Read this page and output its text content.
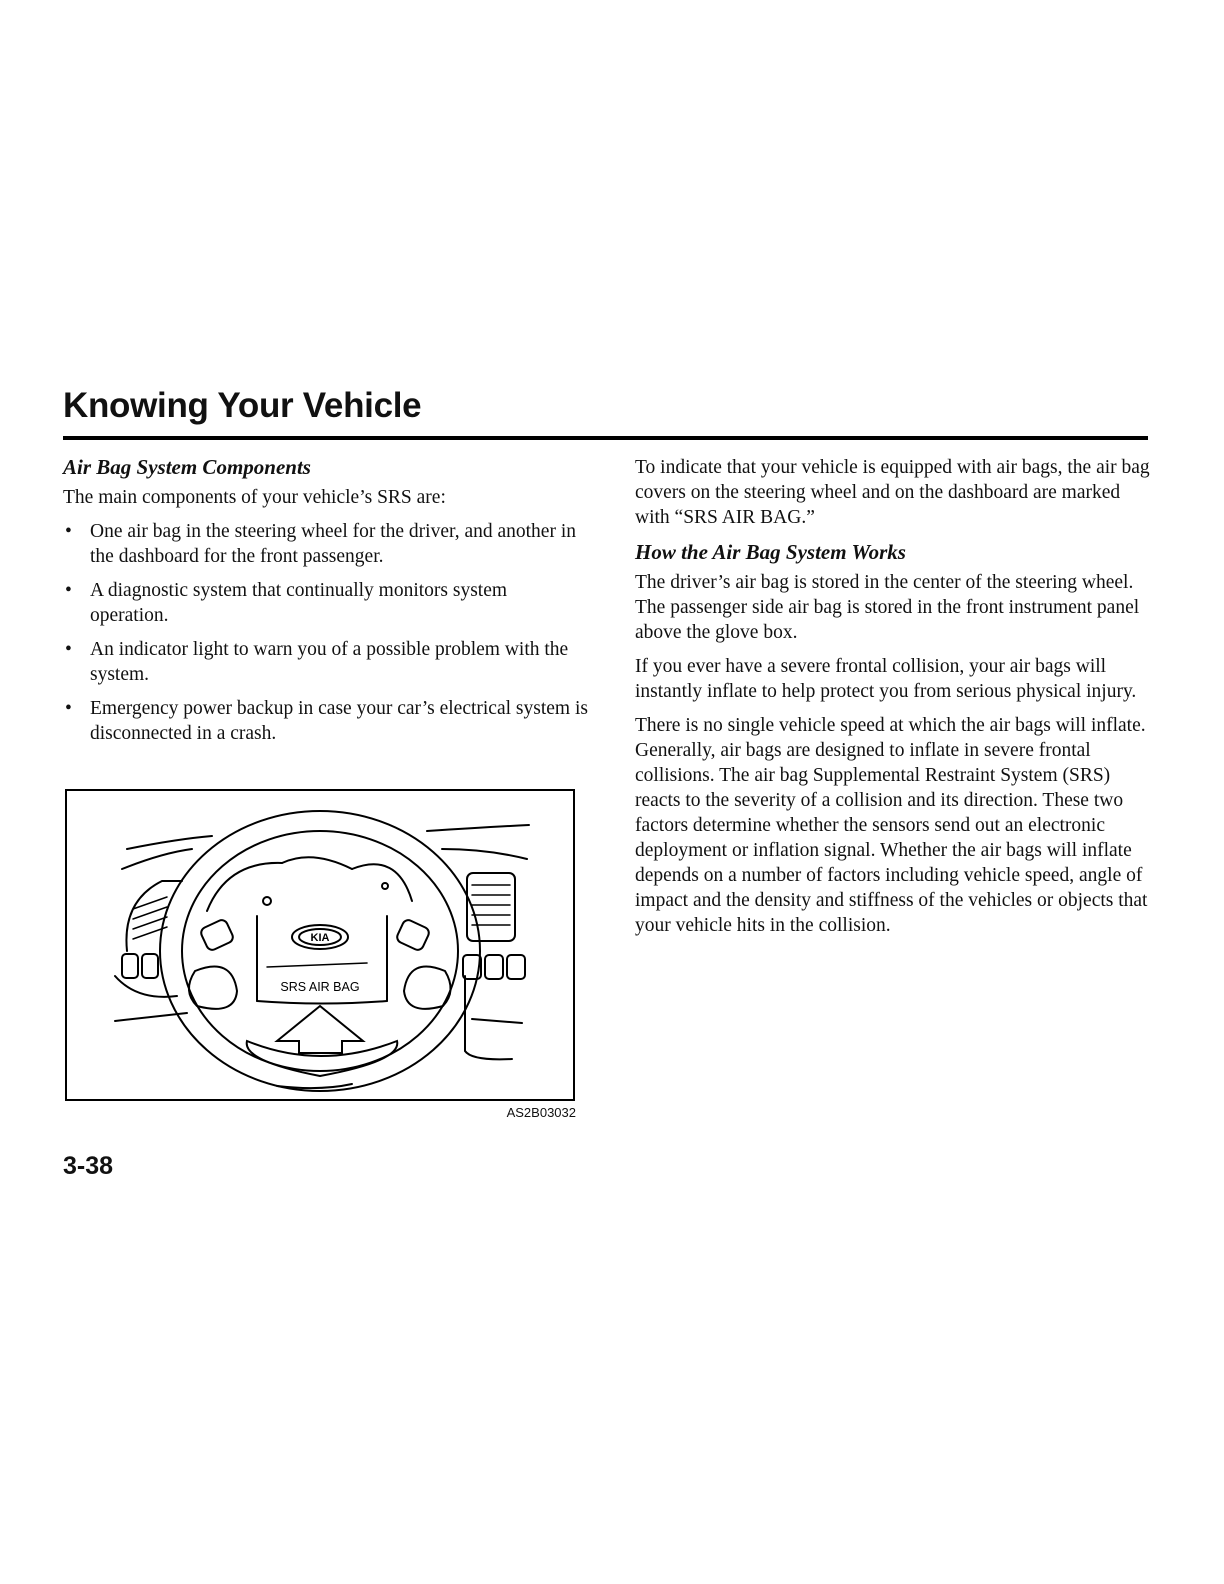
Knowing Your Vehicle
Air Bag System Components

The main components of your vehicle’s SRS are:

• One air bag in the steering wheel for the driver, and another in the dashboard for the front passenger.
• A diagnostic system that continually monitors system operation.
• An indicator light to warn you of a possible problem with the system.
• Emergency power backup in case your car’s electrical system is disconnected in a crash.
SRS AIR BAG
KIA
AS2B03032

To indicate that your vehicle is equipped with air bags, the air bag covers on the steering wheel and on the dashboard are marked with “SRS AIR BAG.”

How the Air Bag System Works

The driver’s air bag is stored in the center of the steering wheel. The passenger side air bag is stored in the front instrument panel above the glove box.

If you ever have a severe frontal collision, your air bags will instantly inflate to help protect you from serious physical injury.

There is no single vehicle speed at which the air bags will inflate. Generally, air bags are designed to inflate in severe frontal collisions. The air bag Supplemental Restraint System (SRS) reacts to the severity of a collision and its direction. These two factors determine whether the sensors send out an electronic deployment or inflation signal. Whether the air bags will inflate depends on a number of factors including vehicle speed, angle of impact and the density and stiffness of the vehicles or objects that your vehicle hits in the collision.

3-38
